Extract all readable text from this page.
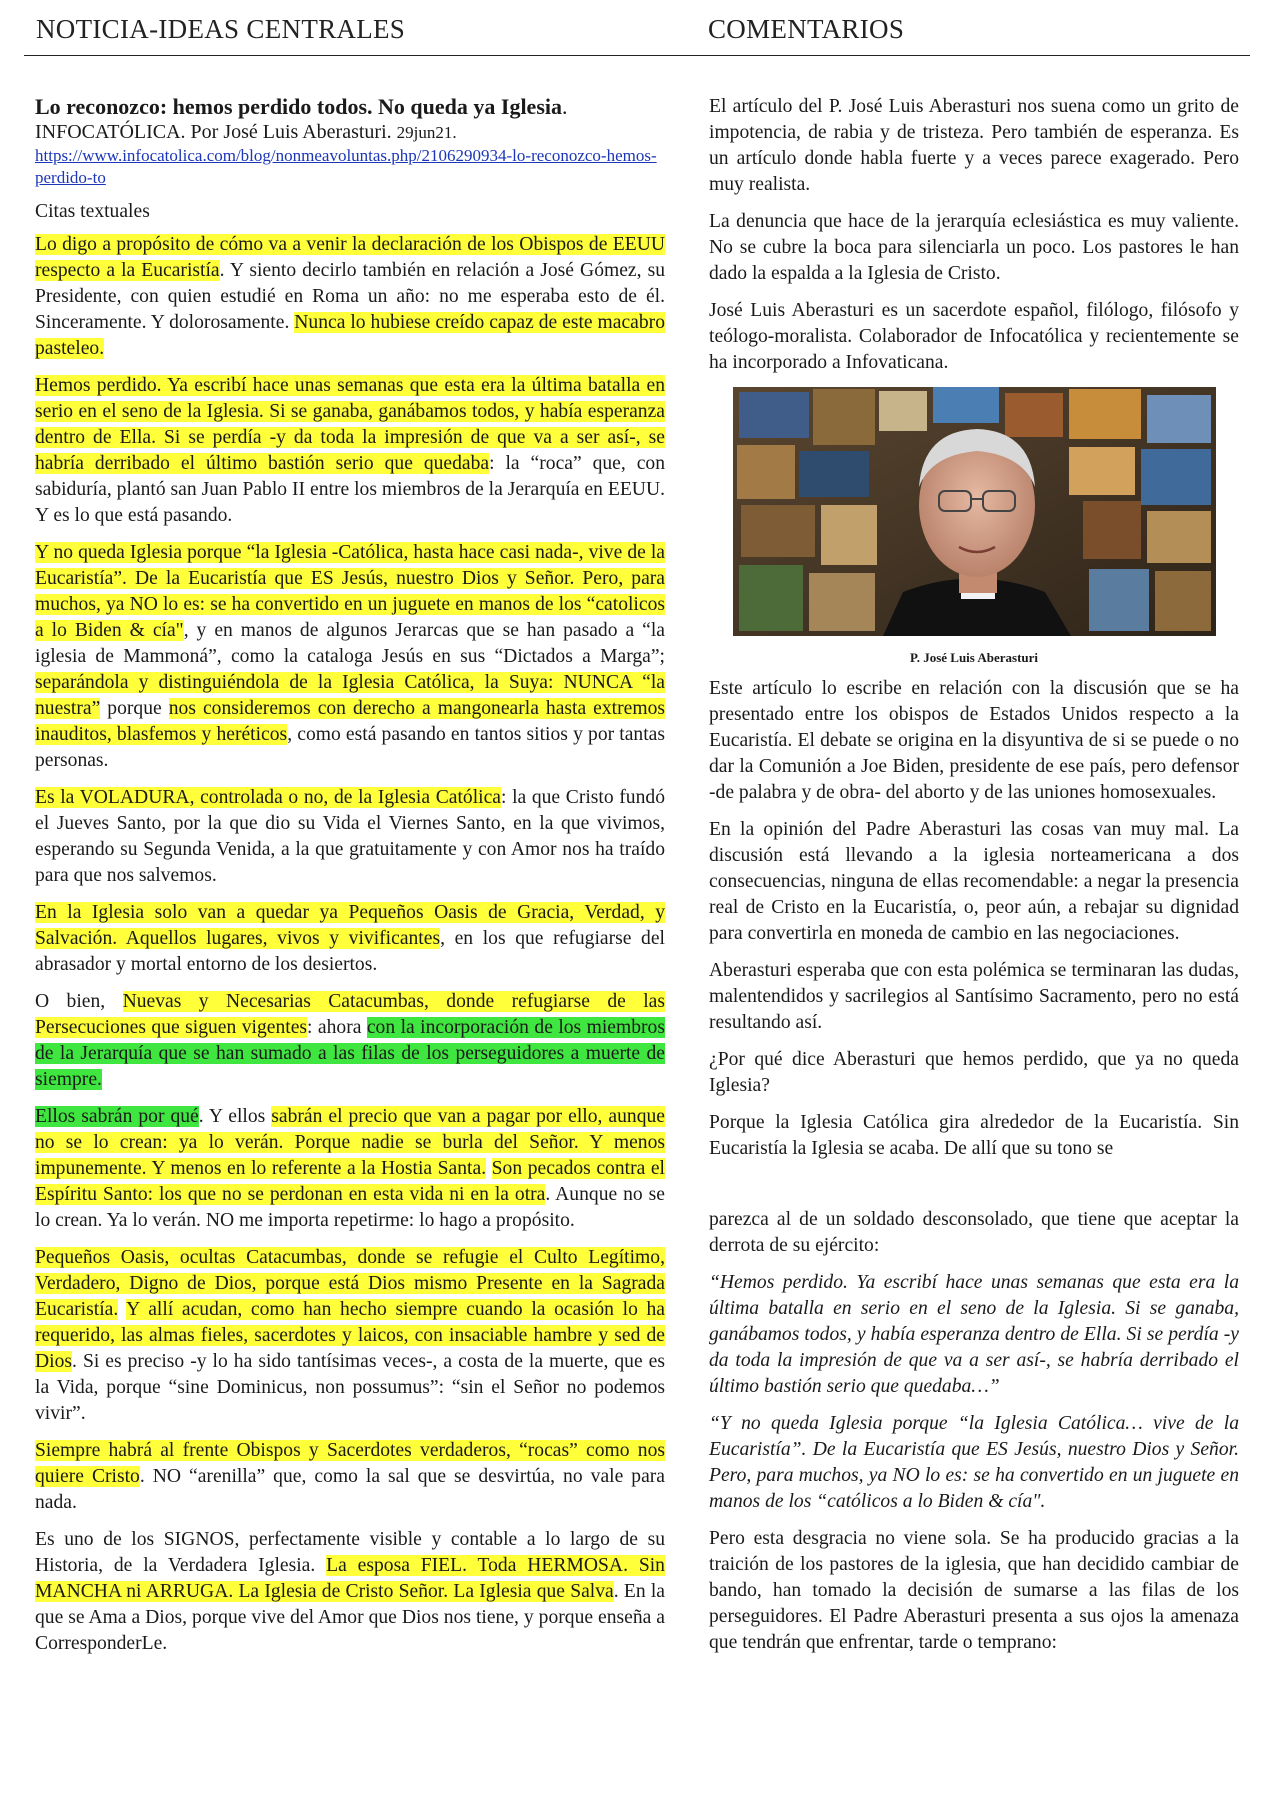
NOTICIA-IDEAS CENTRALES	COMENTARIOS

Lo reconozco: hemos perdido todos. No queda ya Iglesia.

INFOCATÓLICA. Por José Luis Aberasturi. 29jun21.

https://www.infocatolica.com/blog/nonmeavoluntas.php/2106290934-lo-reconozco-hemos-perdido-to

Citas textuales

Lo digo a propósito de cómo va a venir la declaración de los Obispos de EEUU respecto a la Eucaristía. Y siento decirlo también en relación a José Gómez, su Presidente, con quien estudié en Roma un año: no me esperaba esto de él. Sinceramente. Y dolorosamente. Nunca lo hubiese creído capaz de este macabro pasteleo.

Hemos perdido. Ya escribí hace unas semanas que esta era la última batalla en serio en el seno de la Iglesia. Si se ganaba, ganábamos todos, y había esperanza dentro de Ella. Si se perdía -y da toda la impresión de que va a ser así-, se habría derribado el último bastión serio que quedaba: la “roca” que, con sabiduría, plantó san Juan Pablo II entre los miembros de la Jerarquía en EEUU. Y es lo que está pasando.

Y no queda Iglesia porque “la Iglesia -Católica, hasta hace casi nada-, vive de la Eucaristía”. De la Eucaristía que ES Jesús, nuestro Dios y Señor. Pero, para muchos, ya NO lo es: se ha convertido en un juguete en manos de los “catolicos a lo Biden & cía", y en manos de algunos Jerarcas que se han pasado a “la iglesia de Mammoná”, como la cataloga Jesús en sus “Dictados a Marga”; separándola y distinguiéndola de la Iglesia Católica, la Suya: NUNCA “la nuestra” porque nos consideremos con derecho a mangonearla hasta extremos inauditos, blasfemos y heréticos, como está pasando en tantos sitios y por tantas personas.

Es la VOLADURA, controlada o no, de la Iglesia Católica: la que Cristo fundó el Jueves Santo, por la que dio su Vida el Viernes Santo, en la que vivimos, esperando su Segunda Venida, a la que gratuitamente y con Amor nos ha traído para que nos salvemos.

En la Iglesia solo van a quedar ya Pequeños Oasis de Gracia, Verdad, y Salvación. Aquellos lugares, vivos y vivificantes, en los que refugiarse del abrasador y mortal entorno de los desiertos.

O bien, Nuevas y Necesarias Catacumbas, donde refugiarse de las Persecuciones que siguen vigentes: ahora con la incorporación de los miembros de la Jerarquía que se han sumado a las filas de los perseguidores a muerte de siempre.

Ellos sabrán por qué. Y ellos sabrán el precio que van a pagar por ello, aunque no se lo crean: ya lo verán. Porque nadie se burla del Señor. Y menos impunemente. Y menos en lo referente a la Hostia Santa. Son pecados contra el Espíritu Santo: los que no se perdonan en esta vida ni en la otra. Aunque no se lo crean. Ya lo verán. NO me importa repetirme: lo hago a propósito.

Pequeños Oasis, ocultas Catacumbas, donde se refugie el Culto Legítimo, Verdadero, Digno de Dios, porque está Dios mismo Presente en la Sagrada Eucaristía. Y allí acudan, como han hecho siempre cuando la ocasión lo ha requerido, las almas fieles, sacerdotes y laicos, con insaciable hambre y sed de Dios. Si es preciso -y lo ha sido tantísimas veces-, a costa de la muerte, que es la Vida, porque “sine Dominicus, non possumus”: “sin el Señor no podemos vivir”.

Siempre habrá al frente Obispos y Sacerdotes verdaderos, “rocas” como nos quiere Cristo. NO “arenilla” que, como la sal que se desvirtúa, no vale para nada.

Es uno de los SIGNOS, perfectamente visible y contable a lo largo de su Historia, de la Verdadera Iglesia. La esposa FIEL. Toda HERMOSA. Sin MANCHA ni ARRUGA. La Iglesia de Cristo Señor. La Iglesia que Salva. En la que se Ama a Dios, porque vive del Amor que Dios nos tiene, y porque enseña a CorresponderLe.

El artículo del P. José Luis Aberasturi nos suena como un grito de impotencia, de rabia y de tristeza. Pero también de esperanza. Es un artículo donde habla fuerte y a veces parece exagerado. Pero muy realista.

La denuncia que hace de la jerarquía eclesiástica es muy valiente. No se cubre la boca para silenciarla un poco. Los pastores le han dado la espalda a la Iglesia de Cristo.

José Luis Aberasturi es un sacerdote español, filólogo, filósofo y teólogo-moralista. Colaborador de Infocatólica y recientemente se ha incorporado a Infovaticana.

P. José Luis Aberasturi

Este artículo lo escribe en relación con la discusión que se ha presentado entre los obispos de Estados Unidos respecto a la Eucaristía. El debate se origina en la disyuntiva de si se puede o no dar la Comunión a Joe Biden, presidente de ese país, pero defensor -de palabra y de obra- del aborto y de las uniones homosexuales.

En la opinión del Padre Aberasturi las cosas van muy mal. La discusión está llevando a la iglesia norteamericana a dos consecuencias, ninguna de ellas recomendable: a negar la presencia real de Cristo en la Eucaristía, o, peor aún, a rebajar su dignidad para convertirla en moneda de cambio en las negociaciones.

Aberasturi esperaba que con esta polémica se terminaran las dudas, malentendidos y sacrilegios al Santísimo Sacramento, pero no está resultando así.

¿Por qué dice Aberasturi que hemos perdido, que ya no queda Iglesia?

Porque la Iglesia Católica gira alrededor de la Eucaristía. Sin Eucaristía la Iglesia se acaba. De allí que su tono se

parezca al de un soldado desconsolado, que tiene que aceptar la derrota de su ejército:

“Hemos perdido. Ya escribí hace unas semanas que esta era la última batalla en serio en el seno de la Iglesia. Si se ganaba, ganábamos todos, y había esperanza dentro de Ella. Si se perdía -y da toda la impresión de que va a ser así-, se habría derribado el último bastión serio que quedaba…”

“Y no queda Iglesia porque “la Iglesia Católica… vive de la Eucaristía”. De la Eucaristía que ES Jesús, nuestro Dios y Señor. Pero, para muchos, ya NO lo es: se ha convertido en un juguete en manos de los “católicos a lo Biden & cía".

Pero esta desgracia no viene sola. Se ha producido gracias a la traición de los pastores de la iglesia, que han decidido cambiar de bando, han tomado la decisión de sumarse a las filas de los perseguidores. El Padre Aberasturi presenta a sus ojos la amenaza que tendrán que enfrentar, tarde o temprano:
